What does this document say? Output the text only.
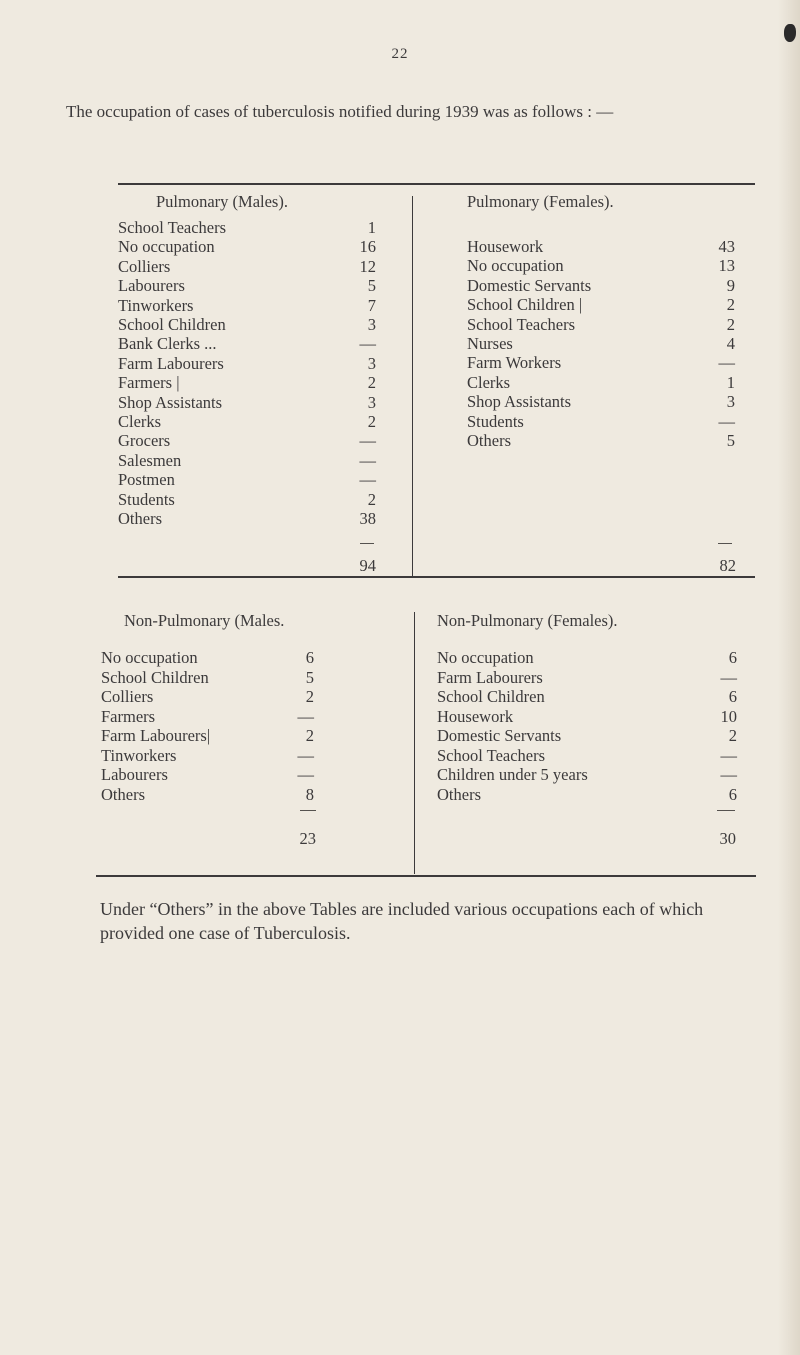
22
The occupation of cases of tuberculosis notified during 1939 was as follows : —
Pulmonary (Males).
School Teachers	1
No occupation	16
Colliers	12
Labourers	5
Tinworkers	7
School Children	3
Bank Clerks ...	—
Farm Labourers	3
Farmers |	2
Shop Assistants	3
Clerks	2
Grocers	—
Salesmen	—
Postmen	—
Students	2
Others	38
94
Pulmonary (Females).
Housework	43
No occupation	13
Domestic Servants	9
School Children |	2
School Teachers	2
Nurses	4
Farm Workers	—
Clerks	1
Shop Assistants	3
Students	—
Others	5
82
Non-Pulmonary (Males.
No occupation	6
School Children	5
Colliers	2
Farmers	—
Farm Labourers|	2
Tinworkers	—
Labourers	—
Others	8
23
Non-Pulmonary (Females).
No occupation	6
Farm Labourers	—
School Children	6
Housework	10
Domestic Servants	2
School Teachers	—
Children under 5 years	—
Others	6
30
Under “Others” in the above Tables are included various occupations each of which provided one case of Tuberculosis.
